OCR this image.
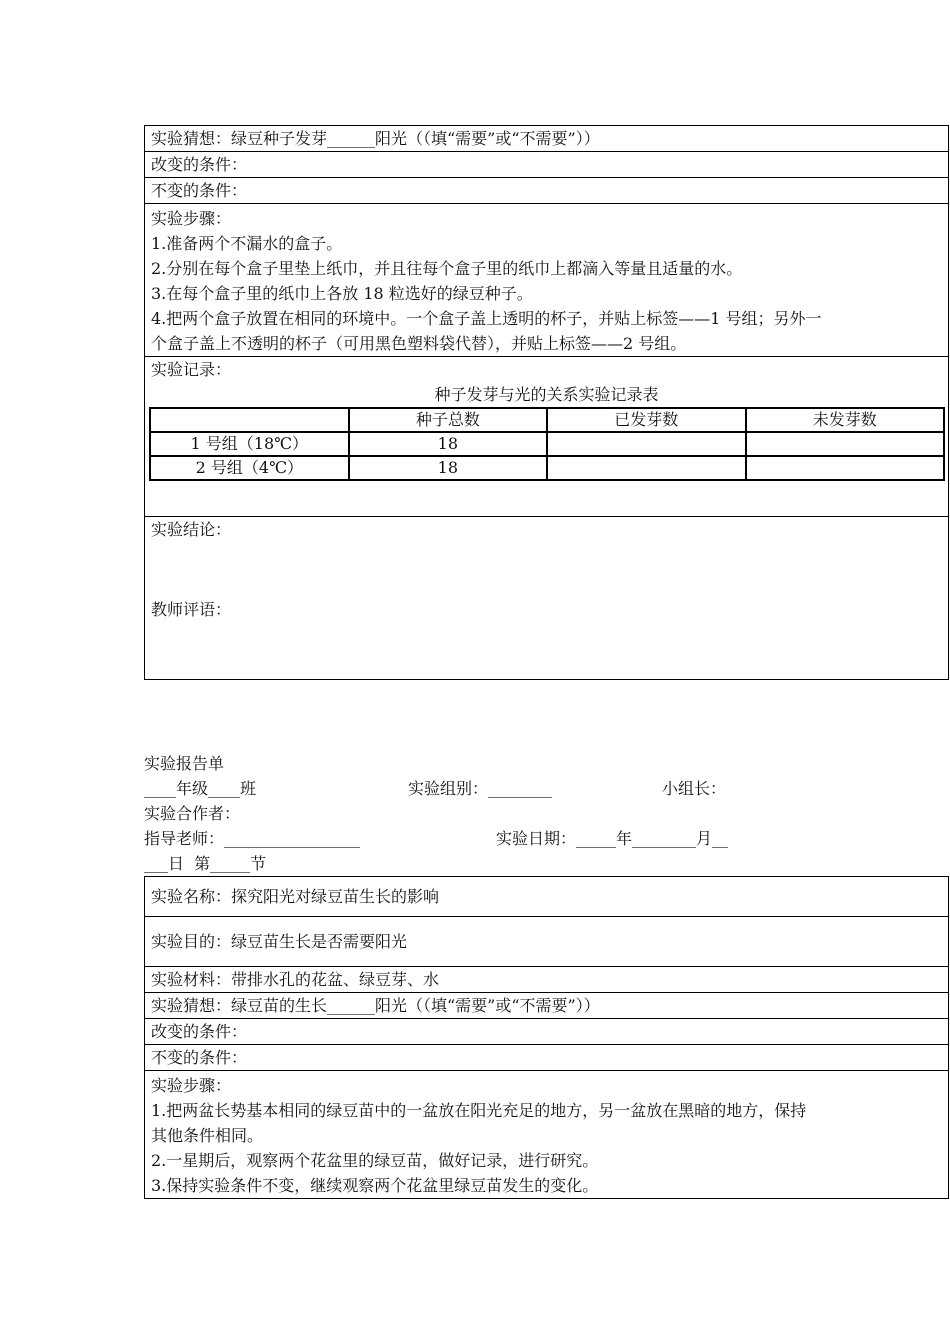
实验猜想：绿豆种子发芽______阳光（（填“需要”或“不需要”））
改变的条件：
不变的条件：
实验步骤：
1.准备两个不漏水的盒子。
2.分别在每个盒子里垫上纸巾，并且往每个盒子里的纸巾上都滴入等量且适量的水。
3.在每个盒子里的纸巾上各放 18 粒选好的绿豆种子。
4.把两个盒子放置在相同的环境中。一个盒子盖上透明的杯子，并贴上标签——1 号组；另外一
个盒子盖上不透明的杯子（可用黑色塑料袋代替），并贴上标签——2 号组。
实验记录：
种子发芽与光的关系实验记录表
	种子总数	已发芽数	未发芽数
1 号组（18℃）	18		
2 号组（4℃）	18		
实验结论：
教师评语：
实验报告单
____年级____班	实验组别：________	小组长：
实验合作者：
指导老师：_________________	实验日期：_____年________月__
___日  第_____节
实验名称：探究阳光对绿豆苗生长的影响
实验目的：绿豆苗生长是否需要阳光
实验材料：带排水孔的花盆、绿豆芽、水
实验猜想：绿豆苗的生长______阳光（（填“需要”或“不需要”））
改变的条件：
不变的条件：
实验步骤：
1.把两盆长势基本相同的绿豆苗中的一盆放在阳光充足的地方，另一盆放在黑暗的地方，保持
其他条件相同。
2.一星期后，观察两个花盆里的绿豆苗，做好记录，进行研究。
3.保持实验条件不变，继续观察两个花盆里绿豆苗发生的变化。
